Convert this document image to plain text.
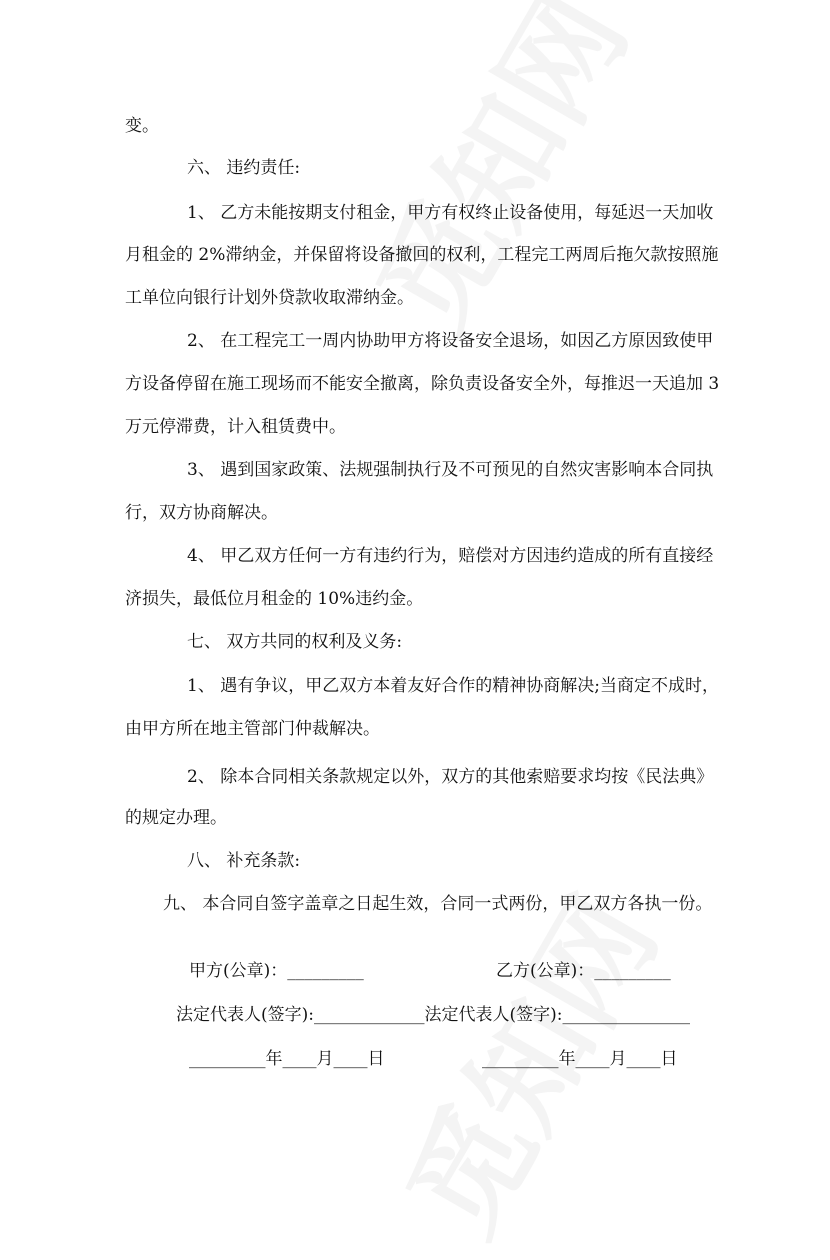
变。
六、 违约责任:
1、 乙方未能按期支付租金，甲方有权终止设备使用，每延迟一天加收
月租金的 2%滞纳金，并保留将设备撤回的权利，工程完工两周后拖欠款按照施
工单位向银行计划外贷款收取滞纳金。
2、 在工程完工一周内协助甲方将设备安全退场，如因乙方原因致使甲
方设备停留在施工现场而不能安全撤离，除负责设备安全外，每推迟一天追加 3
万元停滞费，计入租赁费中。
3、 遇到国家政策、法规强制执行及不可预见的自然灾害影响本合同执
行，双方协商解决。
4、 甲乙双方任何一方有违约行为，赔偿对方因违约造成的所有直接经
济损失，最低位月租金的 10%违约金。
七、 双方共同的权利及义务:
1、 遇有争议，甲乙双方本着友好合作的精神协商解决;当商定不成时，
由甲方所在地主管部门仲裁解决。
2、 除本合同相关条款规定以外，双方的其他索赔要求均按《民法典》
的规定办理。
八、 补充条款:
九、 本合同自签字盖章之日起生效，合同一式两份，甲乙双方各执一份。
甲方(公章)：_________	乙方(公章)：_________
法定代表人(签字):_____________法定代表人(签字):_______________
_________年____月____日	_________年____月____日
